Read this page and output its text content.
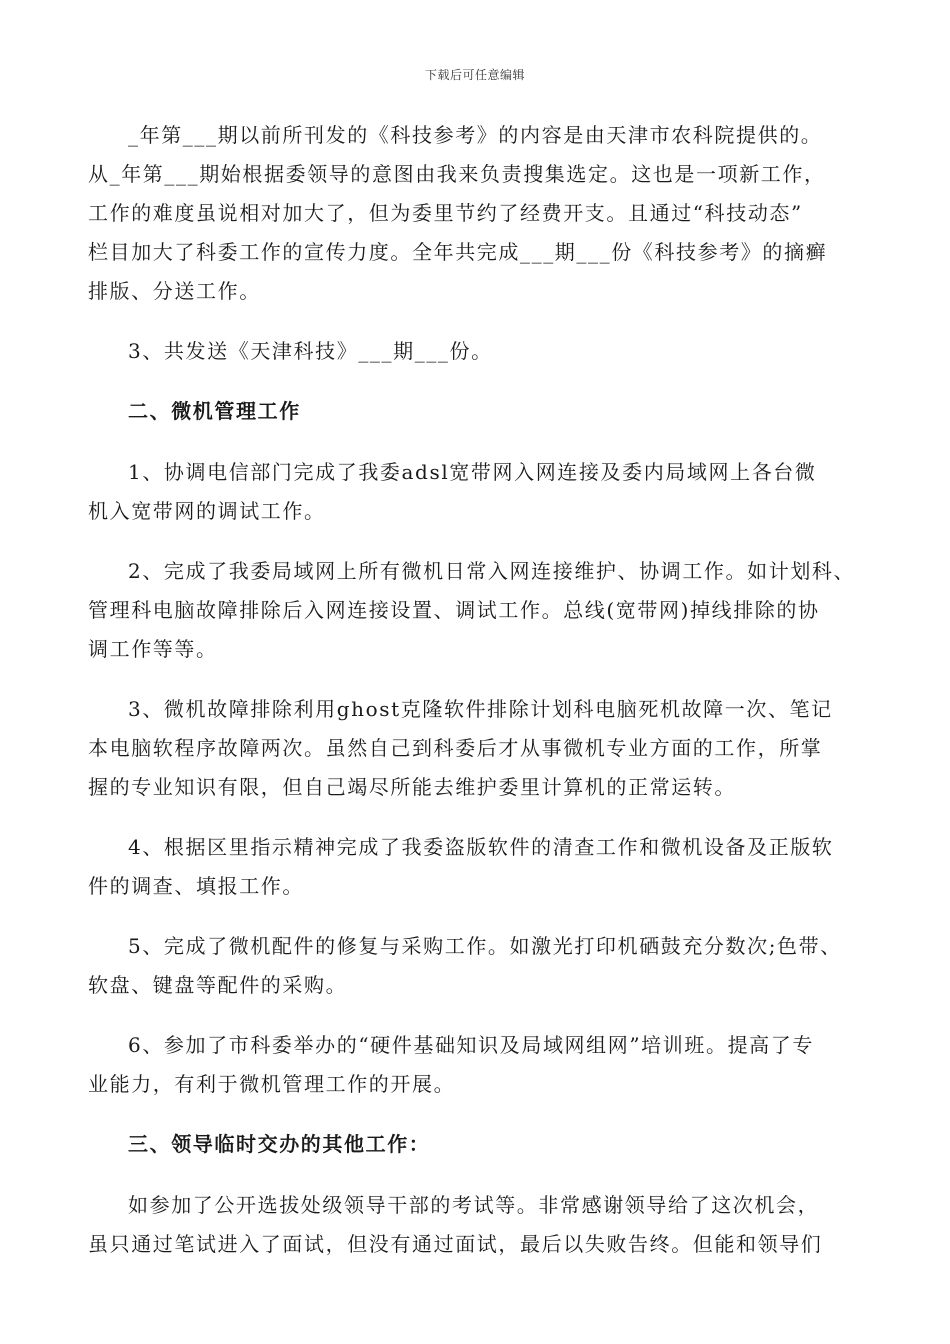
下载后可任意编辑
_年第___期以前所刊发的《科技参考》的内容是由天津市农科院提供的。
从_年第___期始根据委领导的意图由我来负责搜集选定。这也是一项新工作，
工作的难度虽说相对加大了，但为委里节约了经费开支。且通过“科技动态”
栏目加大了科委工作的宣传力度。全年共完成___期___份《科技参考》的摘癣
排版、分送工作。
3、共发送《天津科技》___期___份。
二、微机管理工作
1、协调电信部门完成了我委adsl宽带网入网连接及委内局域网上各台微
机入宽带网的调试工作。
2、完成了我委局域网上所有微机日常入网连接维护、协调工作。如计划科、
管理科电脑故障排除后入网连接设置、调试工作。总线(宽带网)掉线排除的协
调工作等等。
3、微机故障排除利用ghost克隆软件排除计划科电脑死机故障一次、笔记
本电脑软程序故障两次。虽然自己到科委后才从事微机专业方面的工作，所掌
握的专业知识有限，但自己竭尽所能去维护委里计算机的正常运转。
4、根据区里指示精神完成了我委盗版软件的清查工作和微机设备及正版软
件的调查、填报工作。
5、完成了微机配件的修复与采购工作。如激光打印机硒鼓充分数次;色带、
软盘、键盘等配件的采购。
6、参加了市科委举办的“硬件基础知识及局域网组网”培训班。提高了专
业能力，有利于微机管理工作的开展。
三、领导临时交办的其他工作：
如参加了公开选拔处级领导干部的考试等。非常感谢领导给了这次机会，
虽只通过笔试进入了面试，但没有通过面试，最后以失败告终。但能和领导们
